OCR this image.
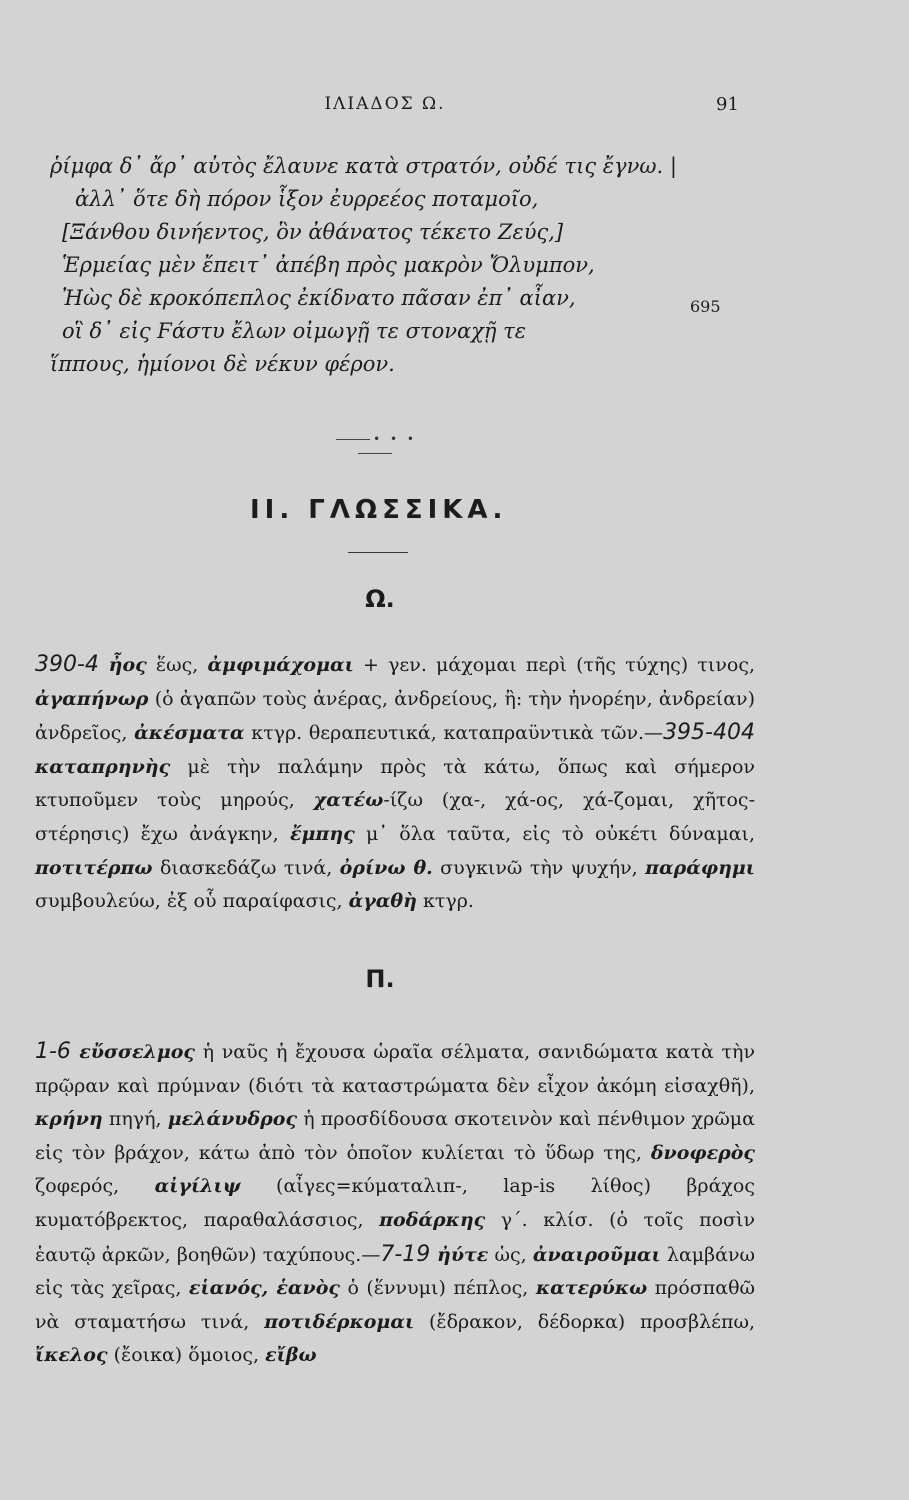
ΙΛΙΑΔΟΣ Ω.	91
ῥίμφα δ᾽ ἄρ᾽ αὐτὸς ἔλαυνε κατὰ στρατόν, οὐδέ τις ἔγνω. |
ἀλλ᾽ ὅτε δὴ πόρον ἷξον ἐυρρεέος ποταμοῖο,
[Ξάνθου δινήεντος, ὃν ἀθάνατος τέκετο Ζεύς,]
Ἑρμείας μὲν ἔπειτ᾽ ἀπέβη πρὸς μακρὸν Ὄλυμπον,
Ἠὼς δὲ κροκόπεπλος ἐκίδνατο πᾶσαν ἐπ᾽ αἶαν,
οἳ δ᾽ εἰς Ϝάστυ ἔλων οἰμωγῇ τε στοναχῇ τε
ἵππους, ἡμίονοι δὲ νέκυν φέρον.
695
• • •
II. ΓΛΩΣΣΙΚΑ.
Ω.
390-4 ἦος ἕως, ἀμφιμάχομαι + γεν. μάχομαι περὶ (τῆς τύχης) τινος, ἀγαπήνωρ (ὁ ἀγαπῶν τοὺς ἀνέρας, ἀνδρείους, ἢ: τὴν ἠνορέην, ἀνδρείαν) ἀνδρεῖος, ἀκέσματα κτγρ. θεραπευτικά, καταπραϋντικὰ τῶν.—395-404 καταπρηνὴς μὲ τὴν παλάμην πρὸς τὰ κάτω, ὅπως καὶ σήμερον κτυποῦμεν τοὺς μηρούς, χατέω-ίζω (χα-, χά-ος, χά-ζομαι, χῆτος-στέρησις) ἔχω ἀνάγκην, ἔμπης μ᾽ ὅλα ταῦτα, εἰς τὸ οὐκέτι δύναμαι, ποτιτέρπω διασκεδάζω τινά, ὀρίνω θ. συγκινῶ τὴν ψυχήν, παράφημι συμβουλεύω, ἐξ οὗ παραίφασις, ἀγαθὴ κτγρ.
Π.
1-6 εὔσσελμος ἡ ναῦς ἡ ἔχουσα ὡραῖα σέλματα, σανιδώματα κατὰ τὴν πρῷραν καὶ πρύμναν (διότι τὰ καταστρώματα δὲν εἶχον ἀκόμη εἰσαχθῆ), κρήνη πηγή, μελάνυδρος ἡ προσδίδουσα σκοτεινὸν καὶ πένθιμον χρῶμα εἰς τὸν βράχον, κάτω ἀπὸ τὸν ὁποῖον κυλίεται τὸ ὕδωρ της, δνοφερὸς ζοφερός, αἰγίλιψ (αἶγες=κύματαλιπ-, lap-is λίθος) βράχος κυματόβρεκτος, παραθαλάσσιος, ποδάρκης γ΄. κλίσ. (ὁ τοῖς ποσὶν ἑαυτῷ ἀρκῶν, βοηθῶν) ταχύπους.—7-19 ἠύτε ὡς, ἀναιροῦμαι λαμβάνω εἰς τὰς χεῖρας, εἱανός, ἑανὸς ὁ (ἕννυμι) πέπλος, κατερύκω πρόσπαθῶ νὰ σταματήσω τινά, ποτιδέρκομαι (ἔδρακον, δέδορκα) προσβλέπω, ἴκελος (ἔοικα) ὅμοιος, εἴβω
